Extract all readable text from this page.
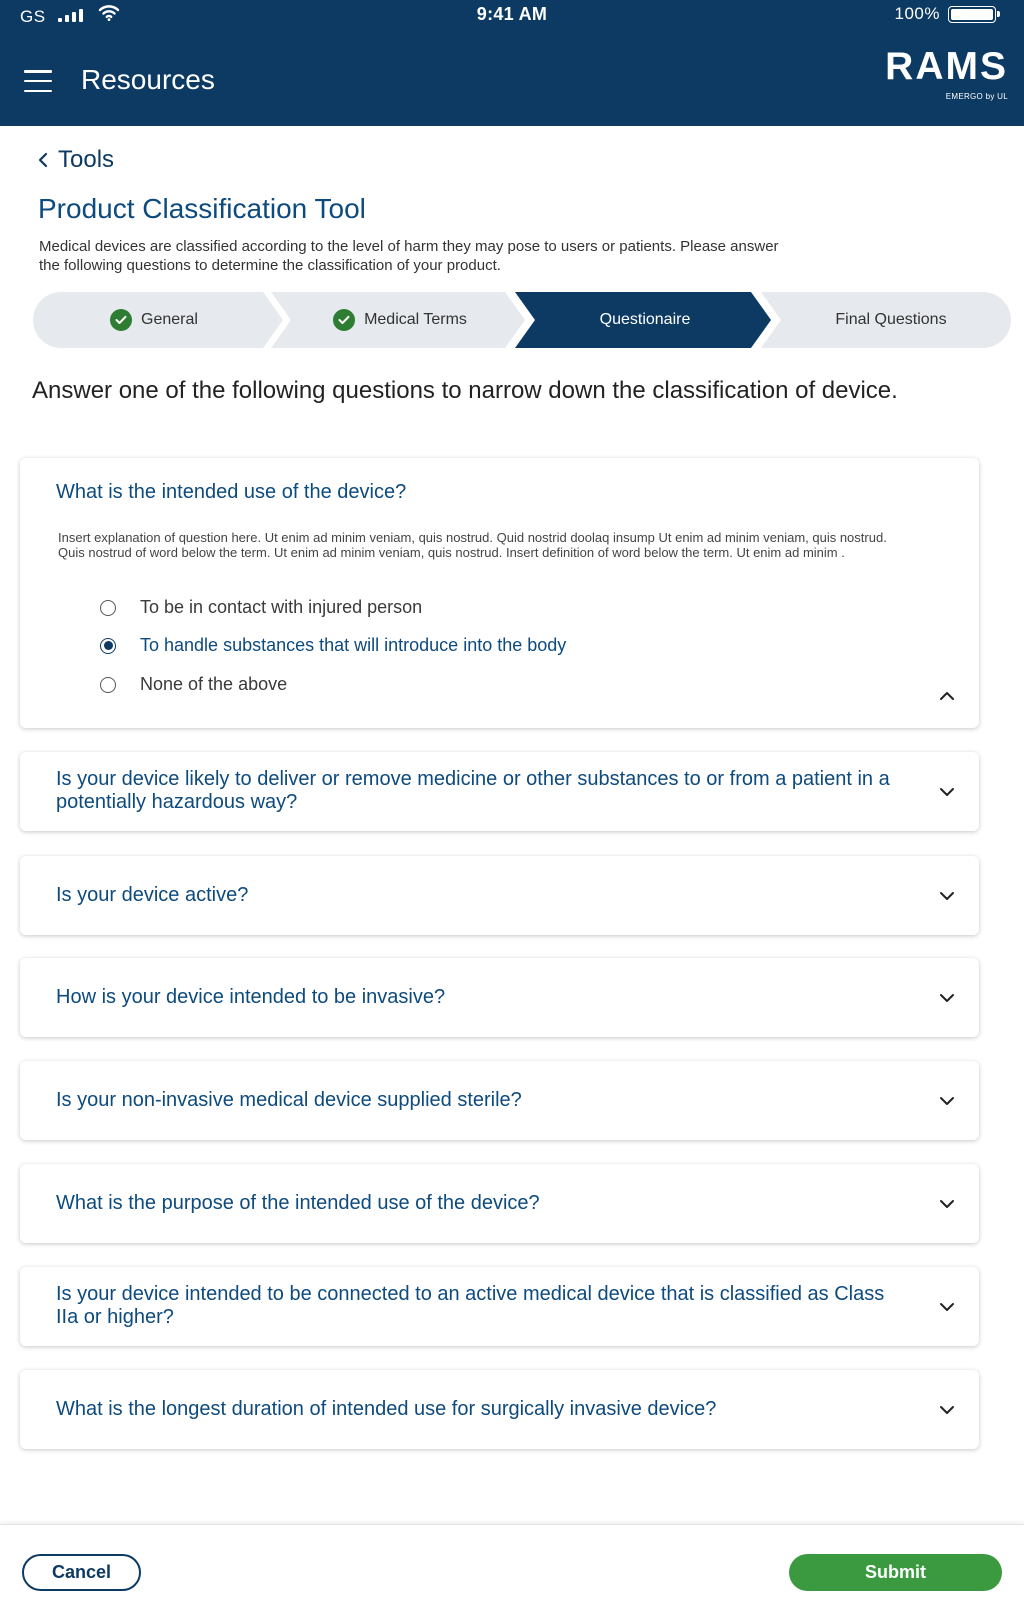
GS	9:41 AM	100%
Resources	RAMS
EMERGO by UL
Tools
Product Classification Tool

Medical devices are classified according to the level of harm they may pose to users or patients. Please answer the following questions to determine the classification of your product.

General	Medical Terms	Questionaire	Final Questions

Answer one of the following questions to narrow down the classification of device.

What is the intended use of the device?

Insert explanation of question here. Ut enim ad minim veniam, quis nostrud. Quid nostrid doolaq insump Ut enim ad minim veniam, quis nostrud. Quis nostrud of word below the term. Ut enim ad minim veniam, quis nostrud. Insert definition of word below the term. Ut enim ad minim .

To be in contact with injured person
To handle substances that will introduce into the body
None of the above
Is your device likely to deliver or remove medicine or other substances to or from a patient in a potentially hazardous way?
Is your device active?
How is your device intended to be invasive?
Is your non-invasive medical device supplied sterile?
What is the purpose of the intended use of the device?
Is your device intended to be connected to an active medical device that is classified as Class IIa or higher?
What is the longest duration of intended use for surgically invasive device?
Cancel	Submit
